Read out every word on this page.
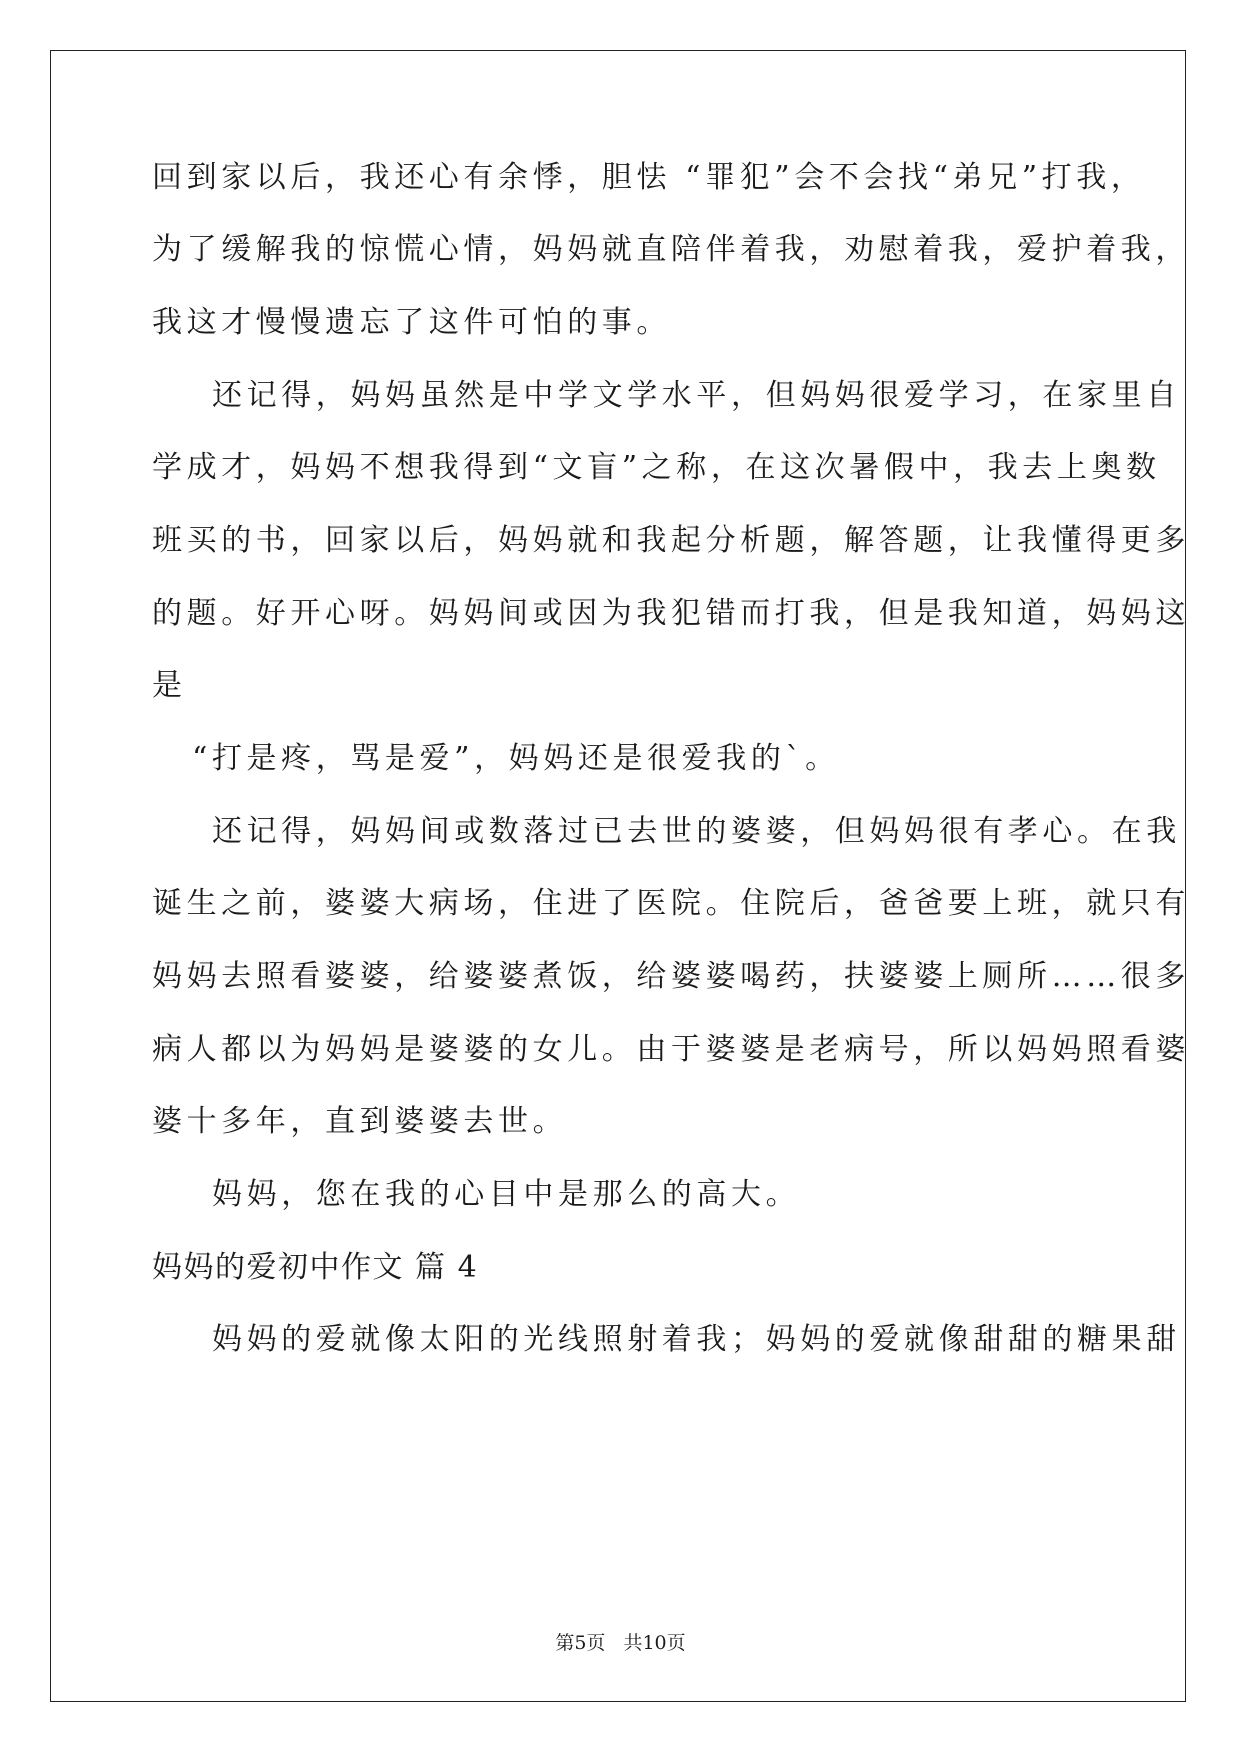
回到家以后，我还心有余悸，胆怯 “罪犯”会不会找“弟兄”打我，

为了缓解我的惊慌心情，妈妈就直陪伴着我，劝慰着我，爱护着我，

我这才慢慢遗忘了这件可怕的事。

还记得，妈妈虽然是中学文学水平，但妈妈很爱学习，在家里自

学成才，妈妈不想我得到“文盲”之称，在这次暑假中，我去上奥数

班买的书，回家以后，妈妈就和我起分析题，解答题，让我懂得更多

的题。好开心呀。妈妈间或因为我犯错而打我，但是我知道，妈妈这

是

“打是疼，骂是爱”，妈妈还是很爱我的`。

还记得，妈妈间或数落过已去世的婆婆，但妈妈很有孝心。在我

诞生之前，婆婆大病场，住进了医院。住院后，爸爸要上班，就只有

妈妈去照看婆婆，给婆婆煮饭，给婆婆喝药，扶婆婆上厕所……很多

病人都以为妈妈是婆婆的女儿。由于婆婆是老病号，所以妈妈照看婆

婆十多年，直到婆婆去世。

妈妈，您在我的心目中是那么的高大。

妈妈的爱初中作文 篇 4

妈妈的爱就像太阳的光线照射着我；妈妈的爱就像甜甜的糖果甜

第5页 共10页
